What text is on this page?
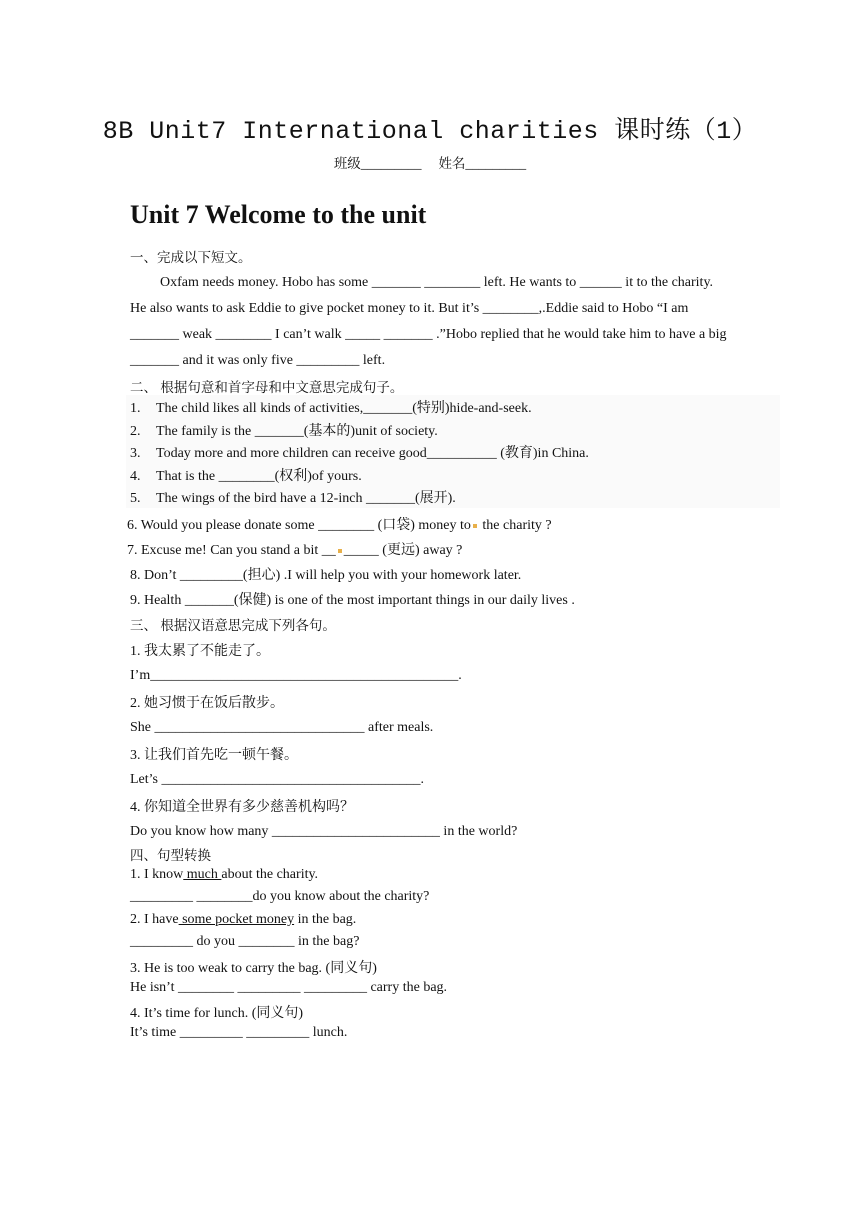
8B Unit7 International charities 课时练（1）
班级_________ 姓名_________
Unit 7 Welcome to the unit
一、完成以下短文。
Oxfam needs money. Hobo has some _______ ________ left. He wants to ______ it to the charity. He also wants to ask Eddie to give pocket money to it. But it’s ________,.Eddie said to Hobo “I am _______ weak ________ I can’t walk _____ _______ .”Hobo replied that he would take him to have a big _______ and it was only five _________ left.
二、 根据句意和首字母和中文意思完成句子。
1. The child likes all kinds of activities,_______(特别)hide-and-seek.
2. The family is the _______(基本的)unit of society.
3. Today more and more children can receive good__________ (教育)in China.
4. That is the ________(权利)of yours.
5. The wings of the bird have a 12-inch _______(展开).
6. Would you please donate some ________ (口袋) money to the charity ?
7. Excuse me! Can you stand a bit __ _____ (更远) away ?
8. Don’t _________(担心) .I will help you with your homework later.
9. Health _______(保健) is one of the most important things in our daily lives .
三、 根据汉语意思完成下列各句。
1. 我太累了不能走了。
I’m____________________________________________.
2. 她习惯于在饭后散步。
She ______________________________ after meals.
3. 让我们首先吃一顿午餐。
Let’s _____________________________________.
4. 你知道全世界有多少慈善机构吗？
Do you know how many ________________________ in the world?
四、句型转换
1. I know much about the charity.
_________ ________do you know about the charity?
2. I have some pocket money in the bag.
_________ do you ________ in the bag?
3. He is too weak to carry the bag. (同义句)
He isn’t ________ _________ _________ carry the bag.
4. It’s time for lunch. (同义句)
It’s time _________ _________ lunch.
